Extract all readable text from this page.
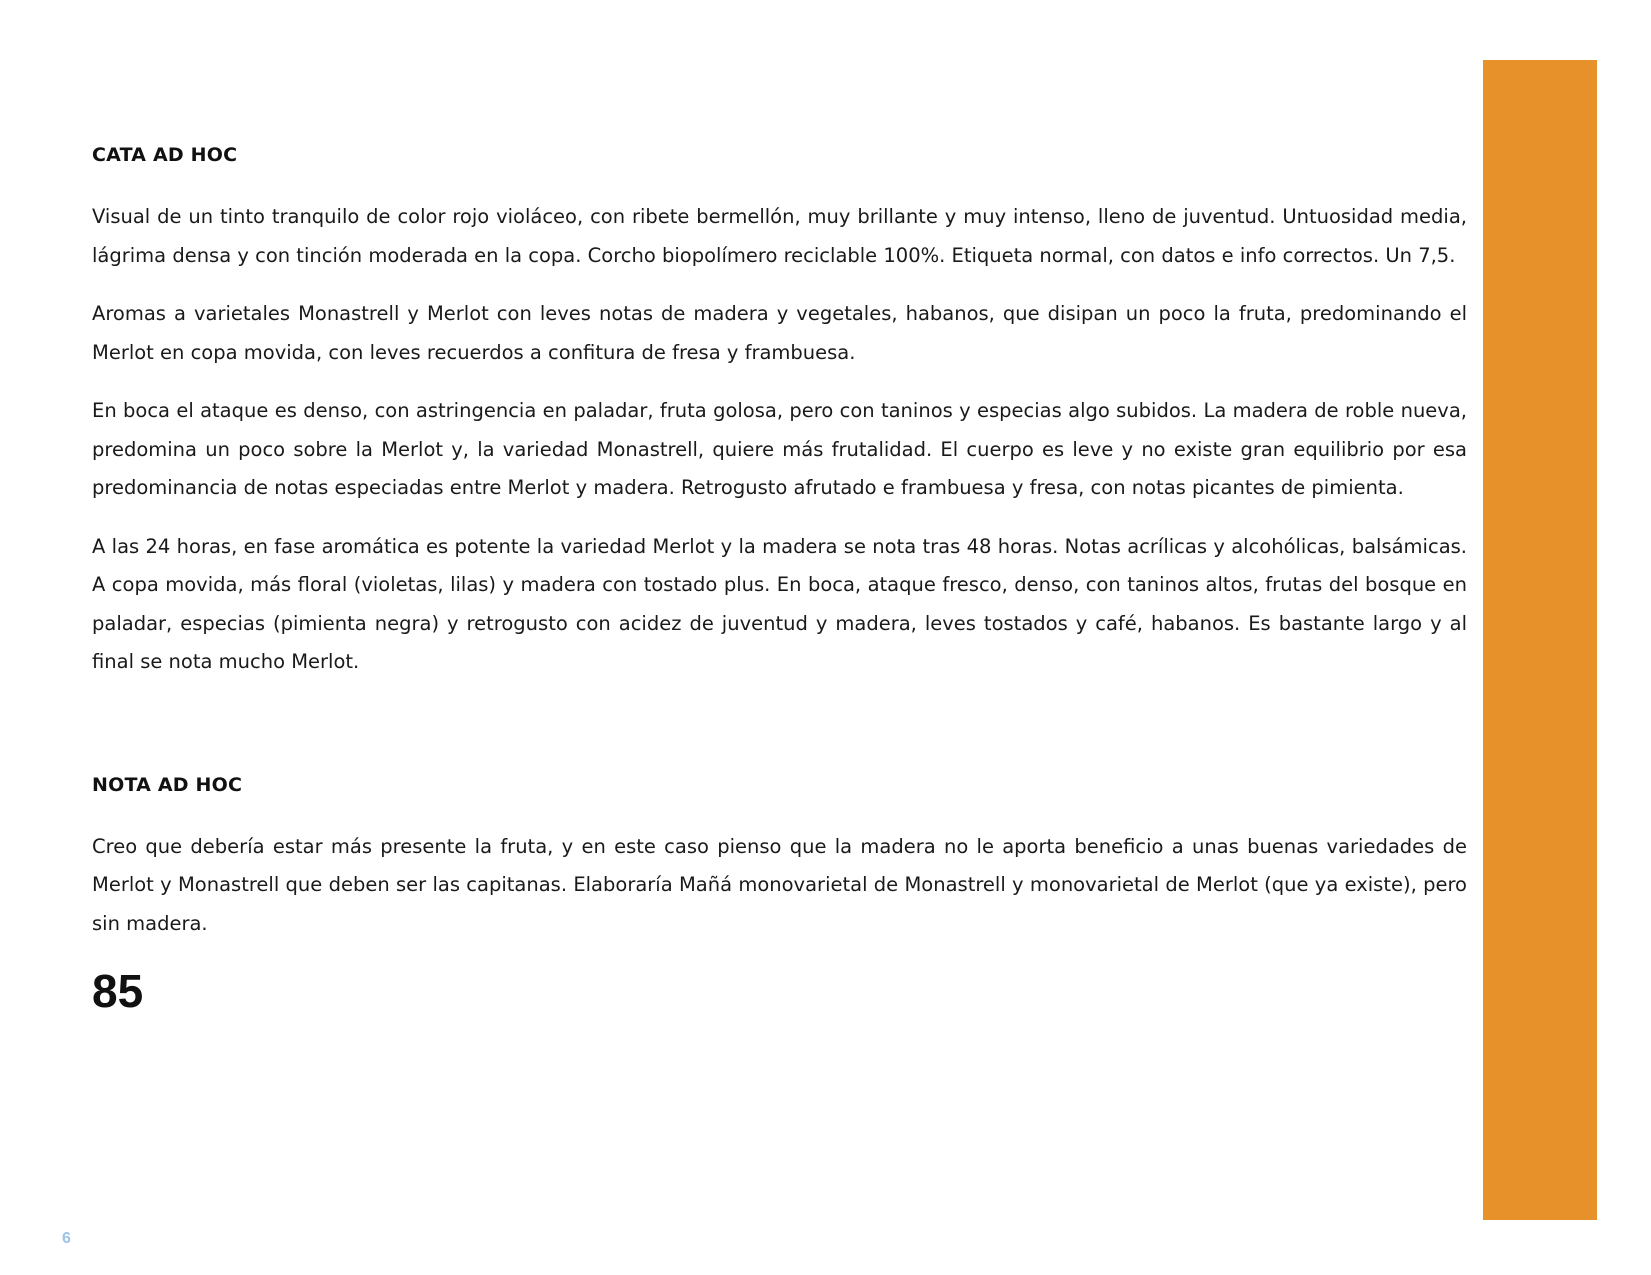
CATA AD HOC

Visual de un tinto tranquilo de color rojo violáceo, con ribete bermellón, muy brillante y muy intenso, lleno de juventud. Untuosidad media, lágrima densa y con tinción moderada en la copa. Corcho biopolímero reciclable 100%. Etiqueta normal, con datos e info correctos. Un 7,5.

Aromas a varietales Monastrell y Merlot con leves notas de madera y vegetales, habanos, que disipan un poco la fruta, predominando el Merlot en copa movida, con leves recuerdos a confitura de fresa y frambuesa.

En boca el ataque es denso, con astringencia en paladar, fruta golosa, pero con taninos y especias algo subidos. La madera de roble nueva, predomina un poco sobre la Merlot y, la variedad Monastrell, quiere más frutalidad. El cuerpo es leve y no existe gran equilibrio por esa predominancia de notas especiadas entre Merlot y madera. Retrogusto afrutado e frambuesa y fresa, con notas picantes de pimienta.

A las 24 horas, en fase aromática es potente la variedad Merlot y la madera se nota tras 48 horas. Notas acrílicas y alcohólicas, balsámicas. A copa movida, más floral (violetas, lilas) y madera con tostado plus. En boca, ataque fresco, denso, con taninos altos, frutas del bosque en paladar, especias (pimienta negra) y retrogusto con acidez de juventud y madera, leves tostados y café, habanos. Es bastante largo y al final se nota mucho Merlot.

NOTA AD HOC

Creo que debería estar más presente la fruta, y en este caso pienso que la madera no le aporta beneficio a unas buenas variedades de Merlot y Monastrell que deben ser las capitanas. Elaboraría Mañá monovarietal de Monastrell y monovarietal de Merlot (que ya existe), pero sin madera.

85
6
